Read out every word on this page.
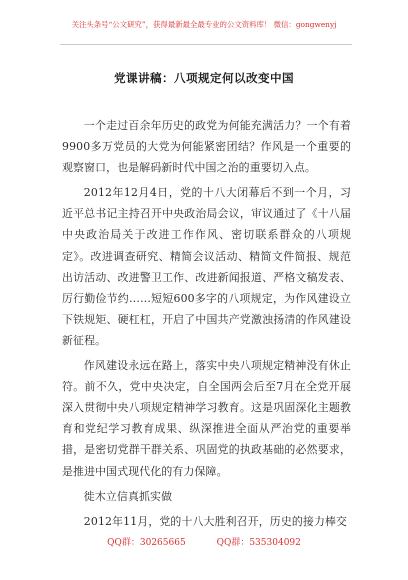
关注头条号“公文研究”，获得最新最全最专业的公文资料库！ 微信：gongwenyj
党课讲稿：八项规定何以改变中国

一个走过百余年历史的政党为何能充满活力？一个有着9900多万党员的大党为何能紧密团结？作风是一个重要的观察窗口，也是解码新时代中国之治的重要切入点。

2012年12月4日，党的十八大闭幕后不到一个月，习近平总书记主持召开中央政治局会议，审议通过了《十八届中央政治局关于改进工作作风、密切联系群众的八项规定》。改进调查研究、精简会议活动、精简文件简报、规范出访活动、改进警卫工作、改进新闻报道、严格文稿发表、厉行勤俭节约……短短600多字的八项规定，为作风建设立下铁规矩、硬杠杠，开启了中国共产党激浊扬清的作风建设新征程。

作风建设永远在路上，落实中央八项规定精神没有休止符。前不久，党中央决定，自全国两会后至7月在全党开展深入贯彻中央八项规定精神学习教育。这是巩固深化主题教育和党纪学习教育成果、纵深推进全面从严治党的重要举措，是密切党群干群关系、巩固党的执政基础的必然要求，是推进中国式现代化的有力保障。

徙木立信真抓实做

2012年11月，党的十八大胜利召开，历史的接力棒交

QQ群：30265665	QQ群：535304092
